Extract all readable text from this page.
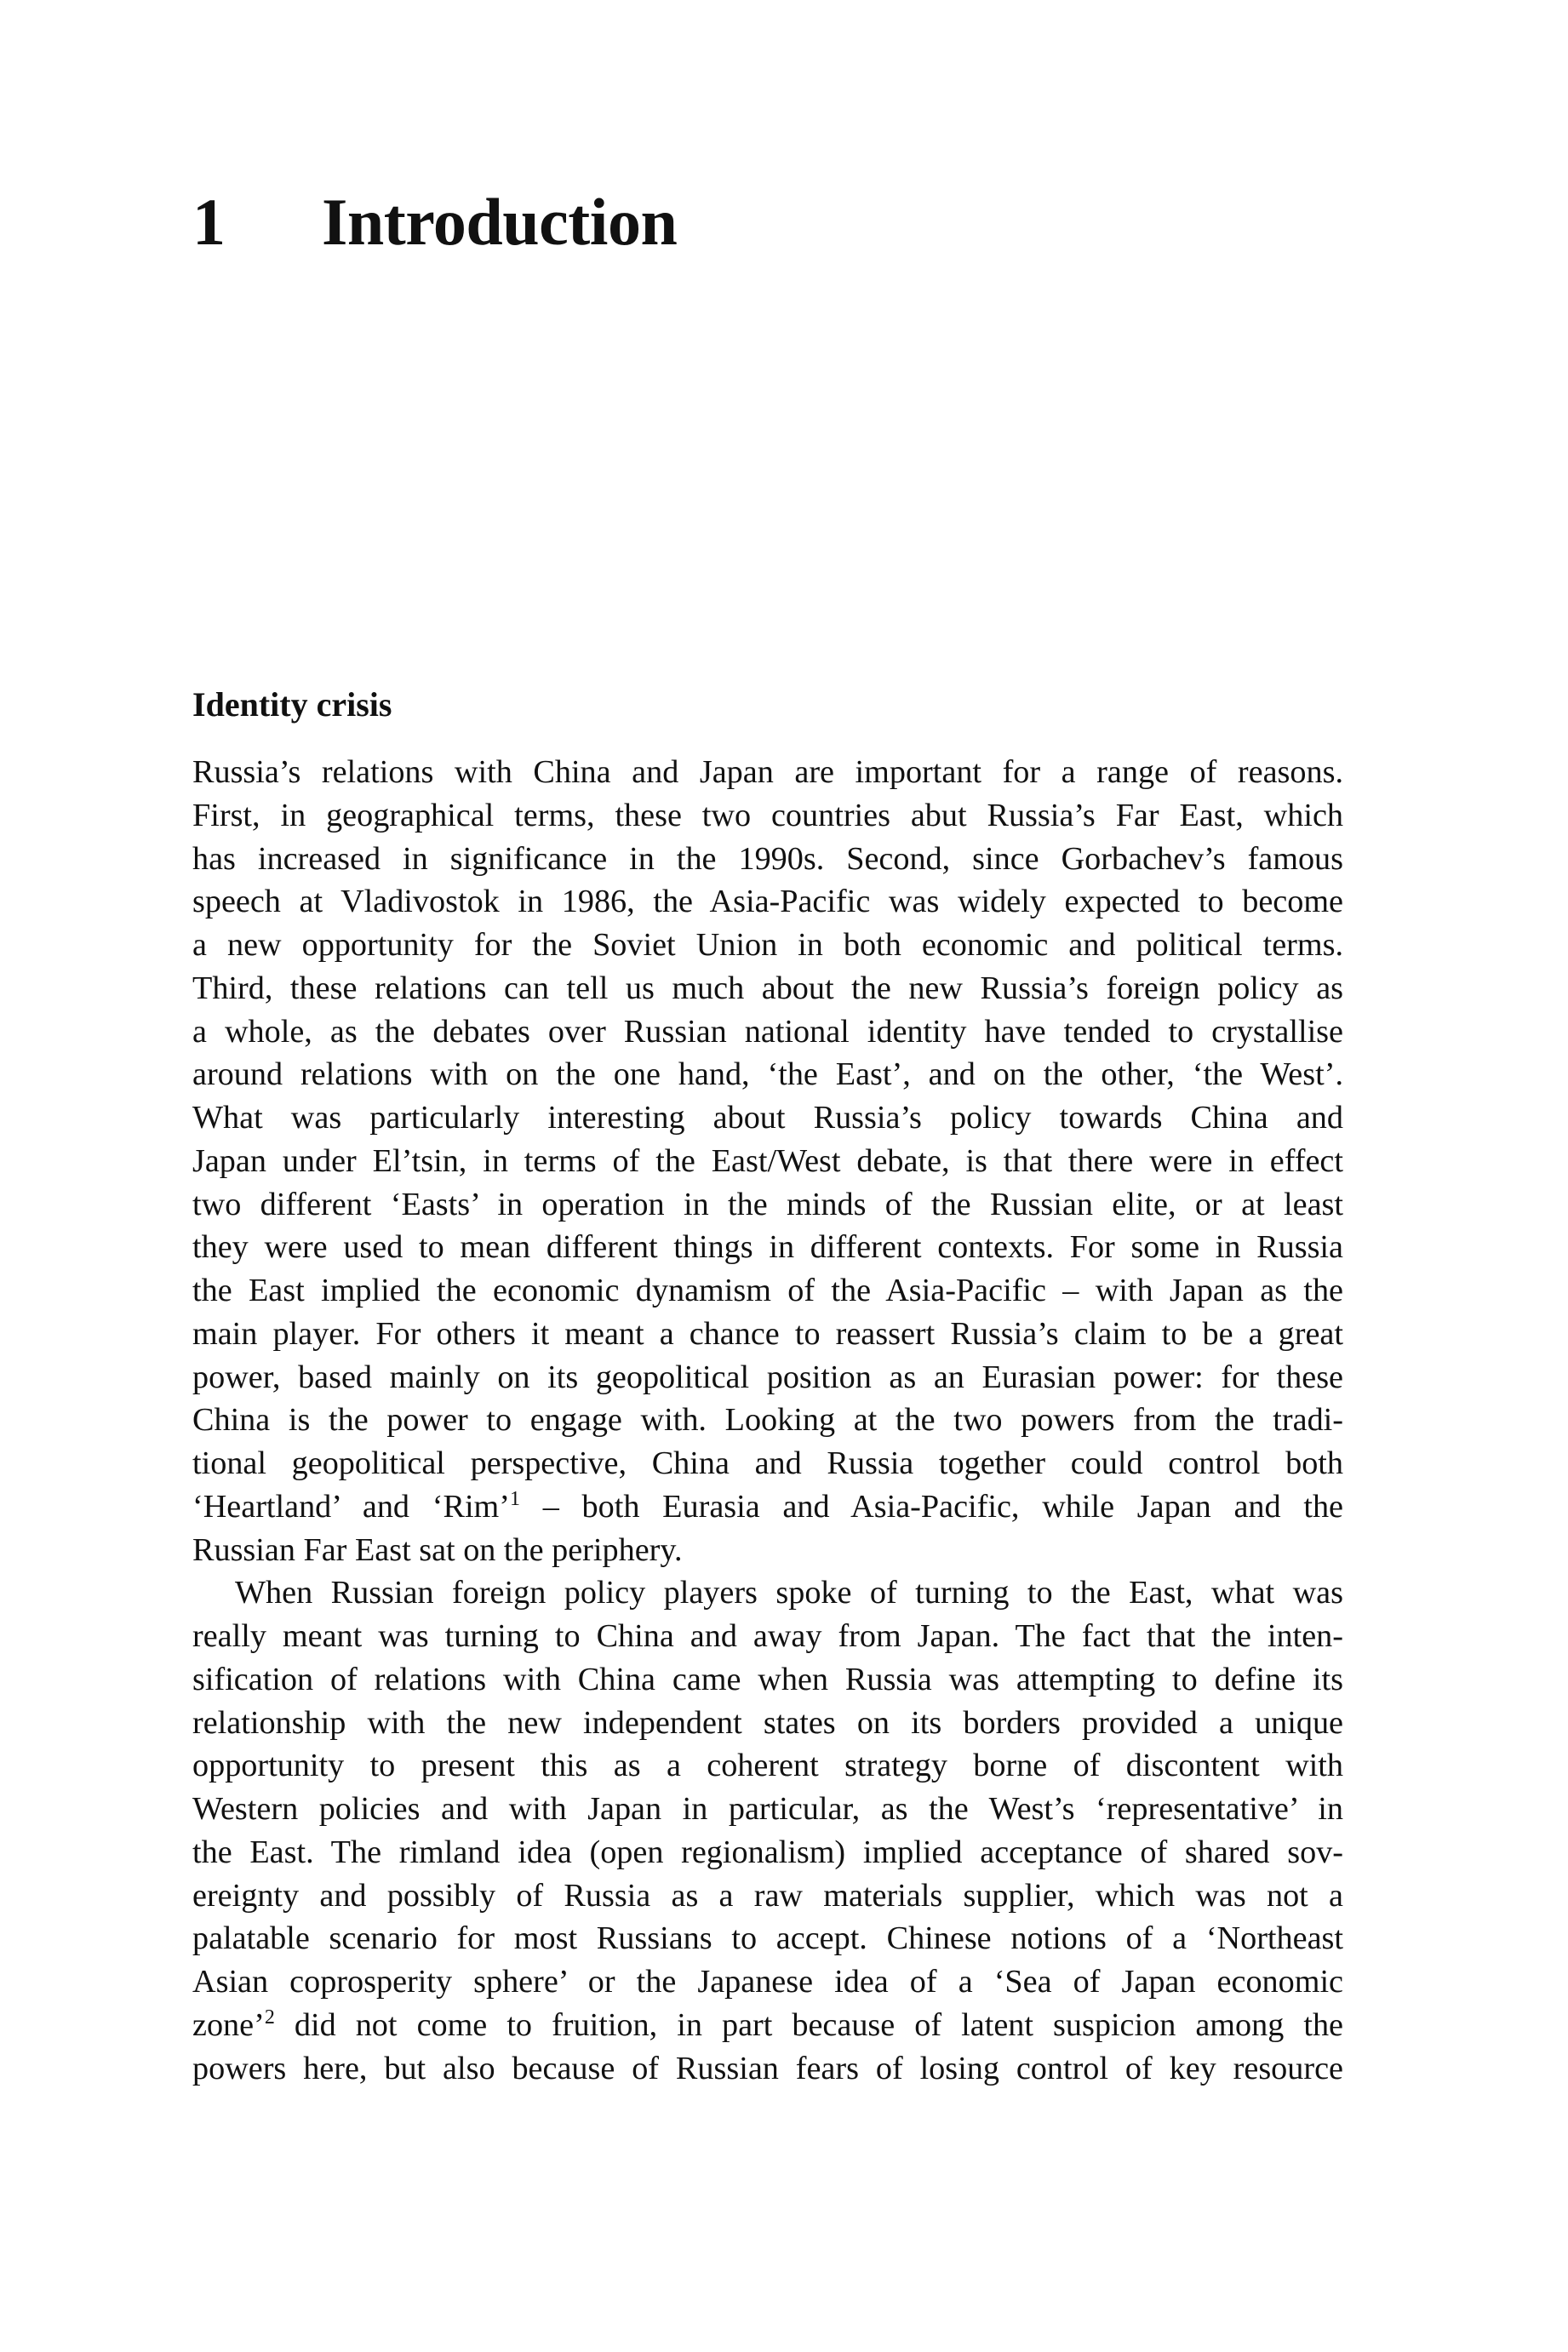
1 Introduction
Identity crisis
Russia’s relations with China and Japan are important for a range of reasons.
First, in geographical terms, these two countries abut Russia’s Far East, which
has increased in significance in the 1990s. Second, since Gorbachev’s famous
speech at Vladivostok in 1986, the Asia-Pacific was widely expected to become
a new opportunity for the Soviet Union in both economic and political terms.
Third, these relations can tell us much about the new Russia’s foreign policy as
a whole, as the debates over Russian national identity have tended to crystallise
around relations with on the one hand, ‘the East’, and on the other, ‘the West’.
What was particularly interesting about Russia’s policy towards China and
Japan under El’tsin, in terms of the East/West debate, is that there were in effect
two different ‘Easts’ in operation in the minds of the Russian elite, or at least
they were used to mean different things in different contexts. For some in Russia
the East implied the economic dynamism of the Asia-Pacific – with Japan as the
main player. For others it meant a chance to reassert Russia’s claim to be a great
power, based mainly on its geopolitical position as an Eurasian power: for these
China is the power to engage with. Looking at the two powers from the tradi-
tional geopolitical perspective, China and Russia together could control both
‘Heartland’ and ‘Rim’$^1$ – both Eurasia and Asia-Pacific, while Japan and the
Russian Far East sat on the periphery.
When Russian foreign policy players spoke of turning to the East, what was
really meant was turning to China and away from Japan. The fact that the inten-
sification of relations with China came when Russia was attempting to define its
relationship with the new independent states on its borders provided a unique
opportunity to present this as a coherent strategy borne of discontent with
Western policies and with Japan in particular, as the West’s ‘representative’ in
the East. The rimland idea (open regionalism) implied acceptance of shared sov-
ereignty and possibly of Russia as a raw materials supplier, which was not a
palatable scenario for most Russians to accept. Chinese notions of a ‘Northeast
Asian coprosperity sphere’ or the Japanese idea of a ‘Sea of Japan economic
zone’$^2$ did not come to fruition, in part because of latent suspicion among the
powers here, but also because of Russian fears of losing control of key resource
